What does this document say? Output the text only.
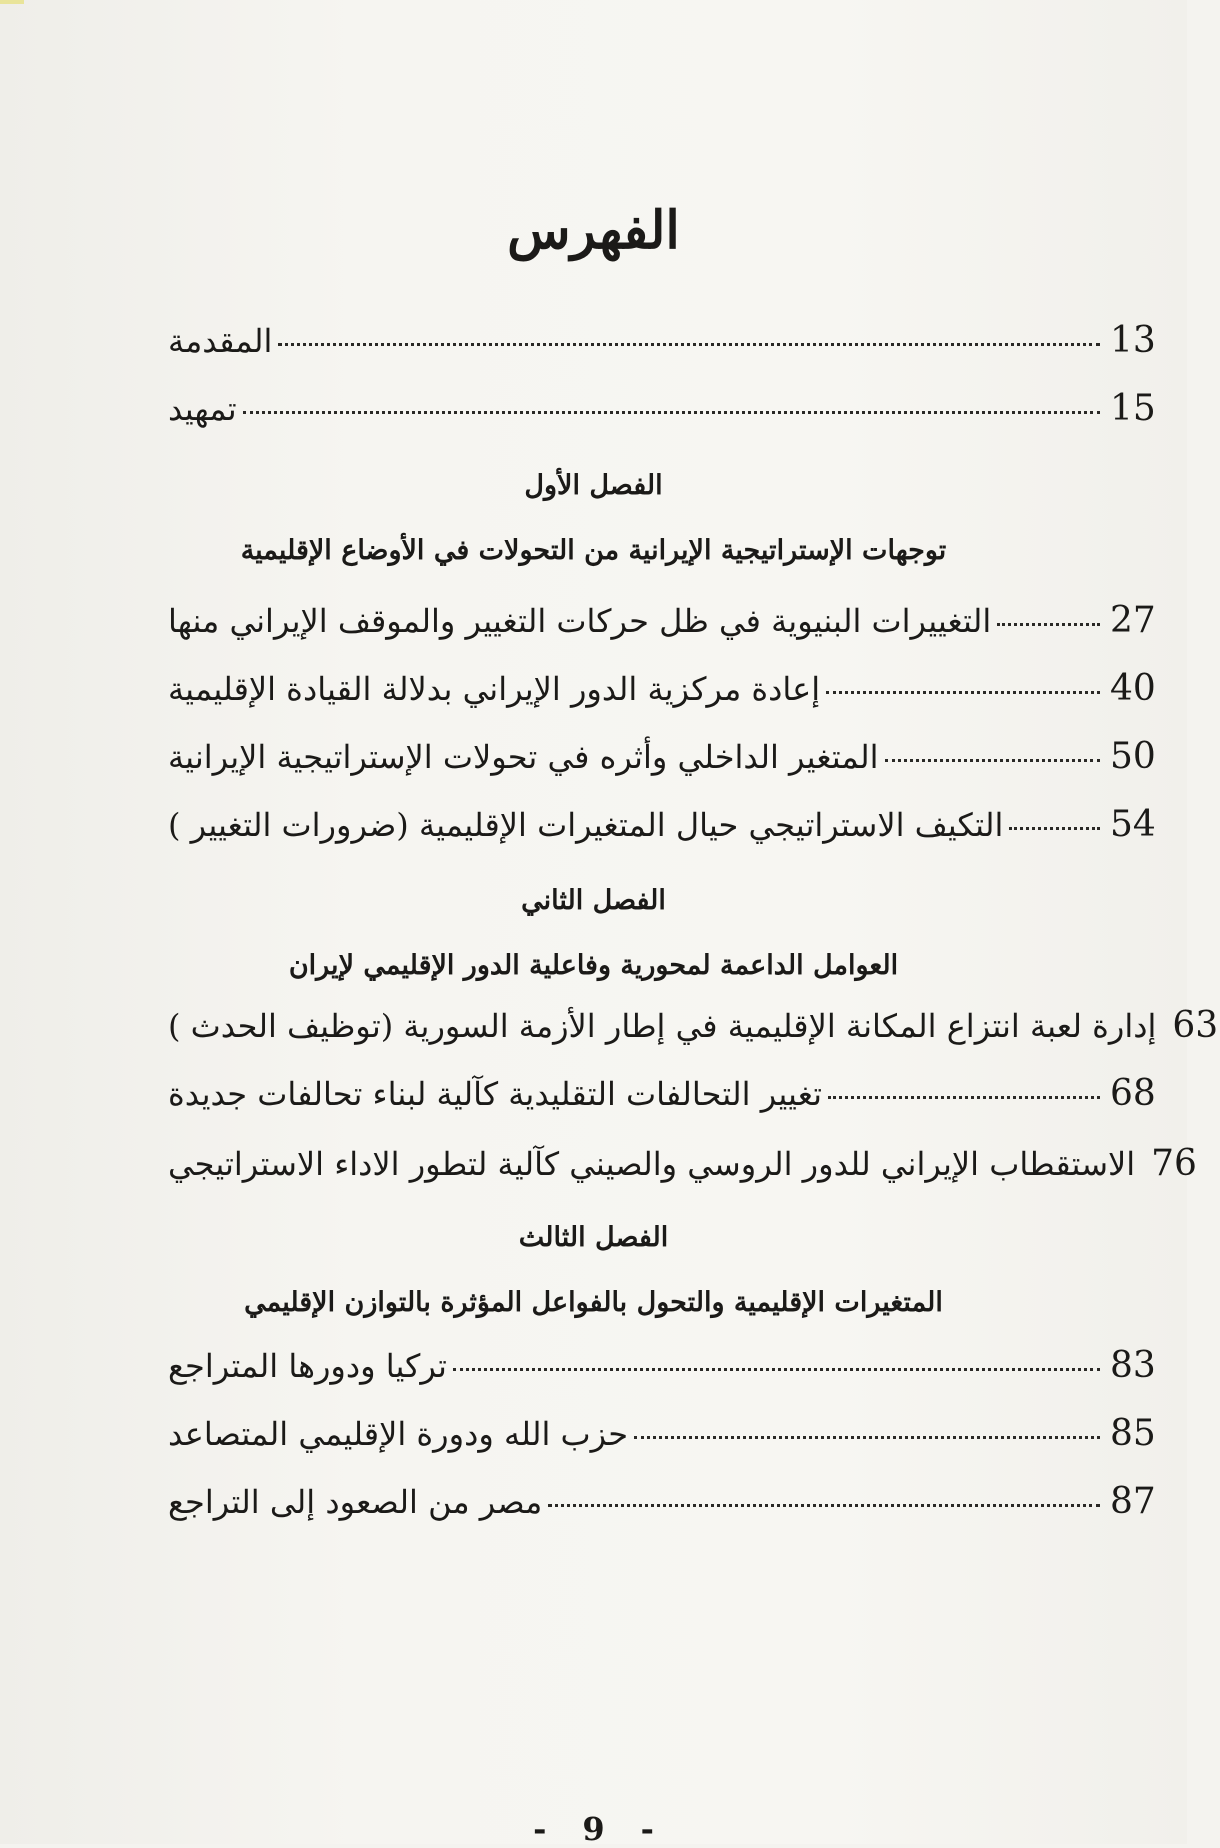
الفهرس
المقدمة	13
تمهيد	15
الفصل الأول
توجهات الإستراتيجية الإيرانية من التحولات في الأوضاع الإقليمية
التغييرات البنيوية في ظل حركات التغيير والموقف الإيراني منها	27
إعادة مركزية الدور الإيراني بدلالة القيادة الإقليمية	40
المتغير الداخلي وأثره في تحولات الإستراتيجية الإيرانية	50
التكيف الاستراتيجي حيال المتغيرات الإقليمية (ضرورات التغيير )	54
الفصل الثاني
العوامل الداعمة لمحورية وفاعلية الدور الإقليمي لإيران
إدارة لعبة انتزاع المكانة الإقليمية في إطار الأزمة السورية (توظيف الحدث ) 63
تغيير التحالفات التقليدية كآلية لبناء تحالفات جديدة	68
الاستقطاب الإيراني للدور الروسي والصيني كآلية لتطور الاداء الاستراتيجي 76
الفصل الثالث
المتغيرات الإقليمية والتحول بالفواعل المؤثرة بالتوازن الإقليمي
تركيا ودورها المتراجع	83
حزب الله ودورة الإقليمي المتصاعد	85
مصر من الصعود إلى التراجع	87
- 9 -
